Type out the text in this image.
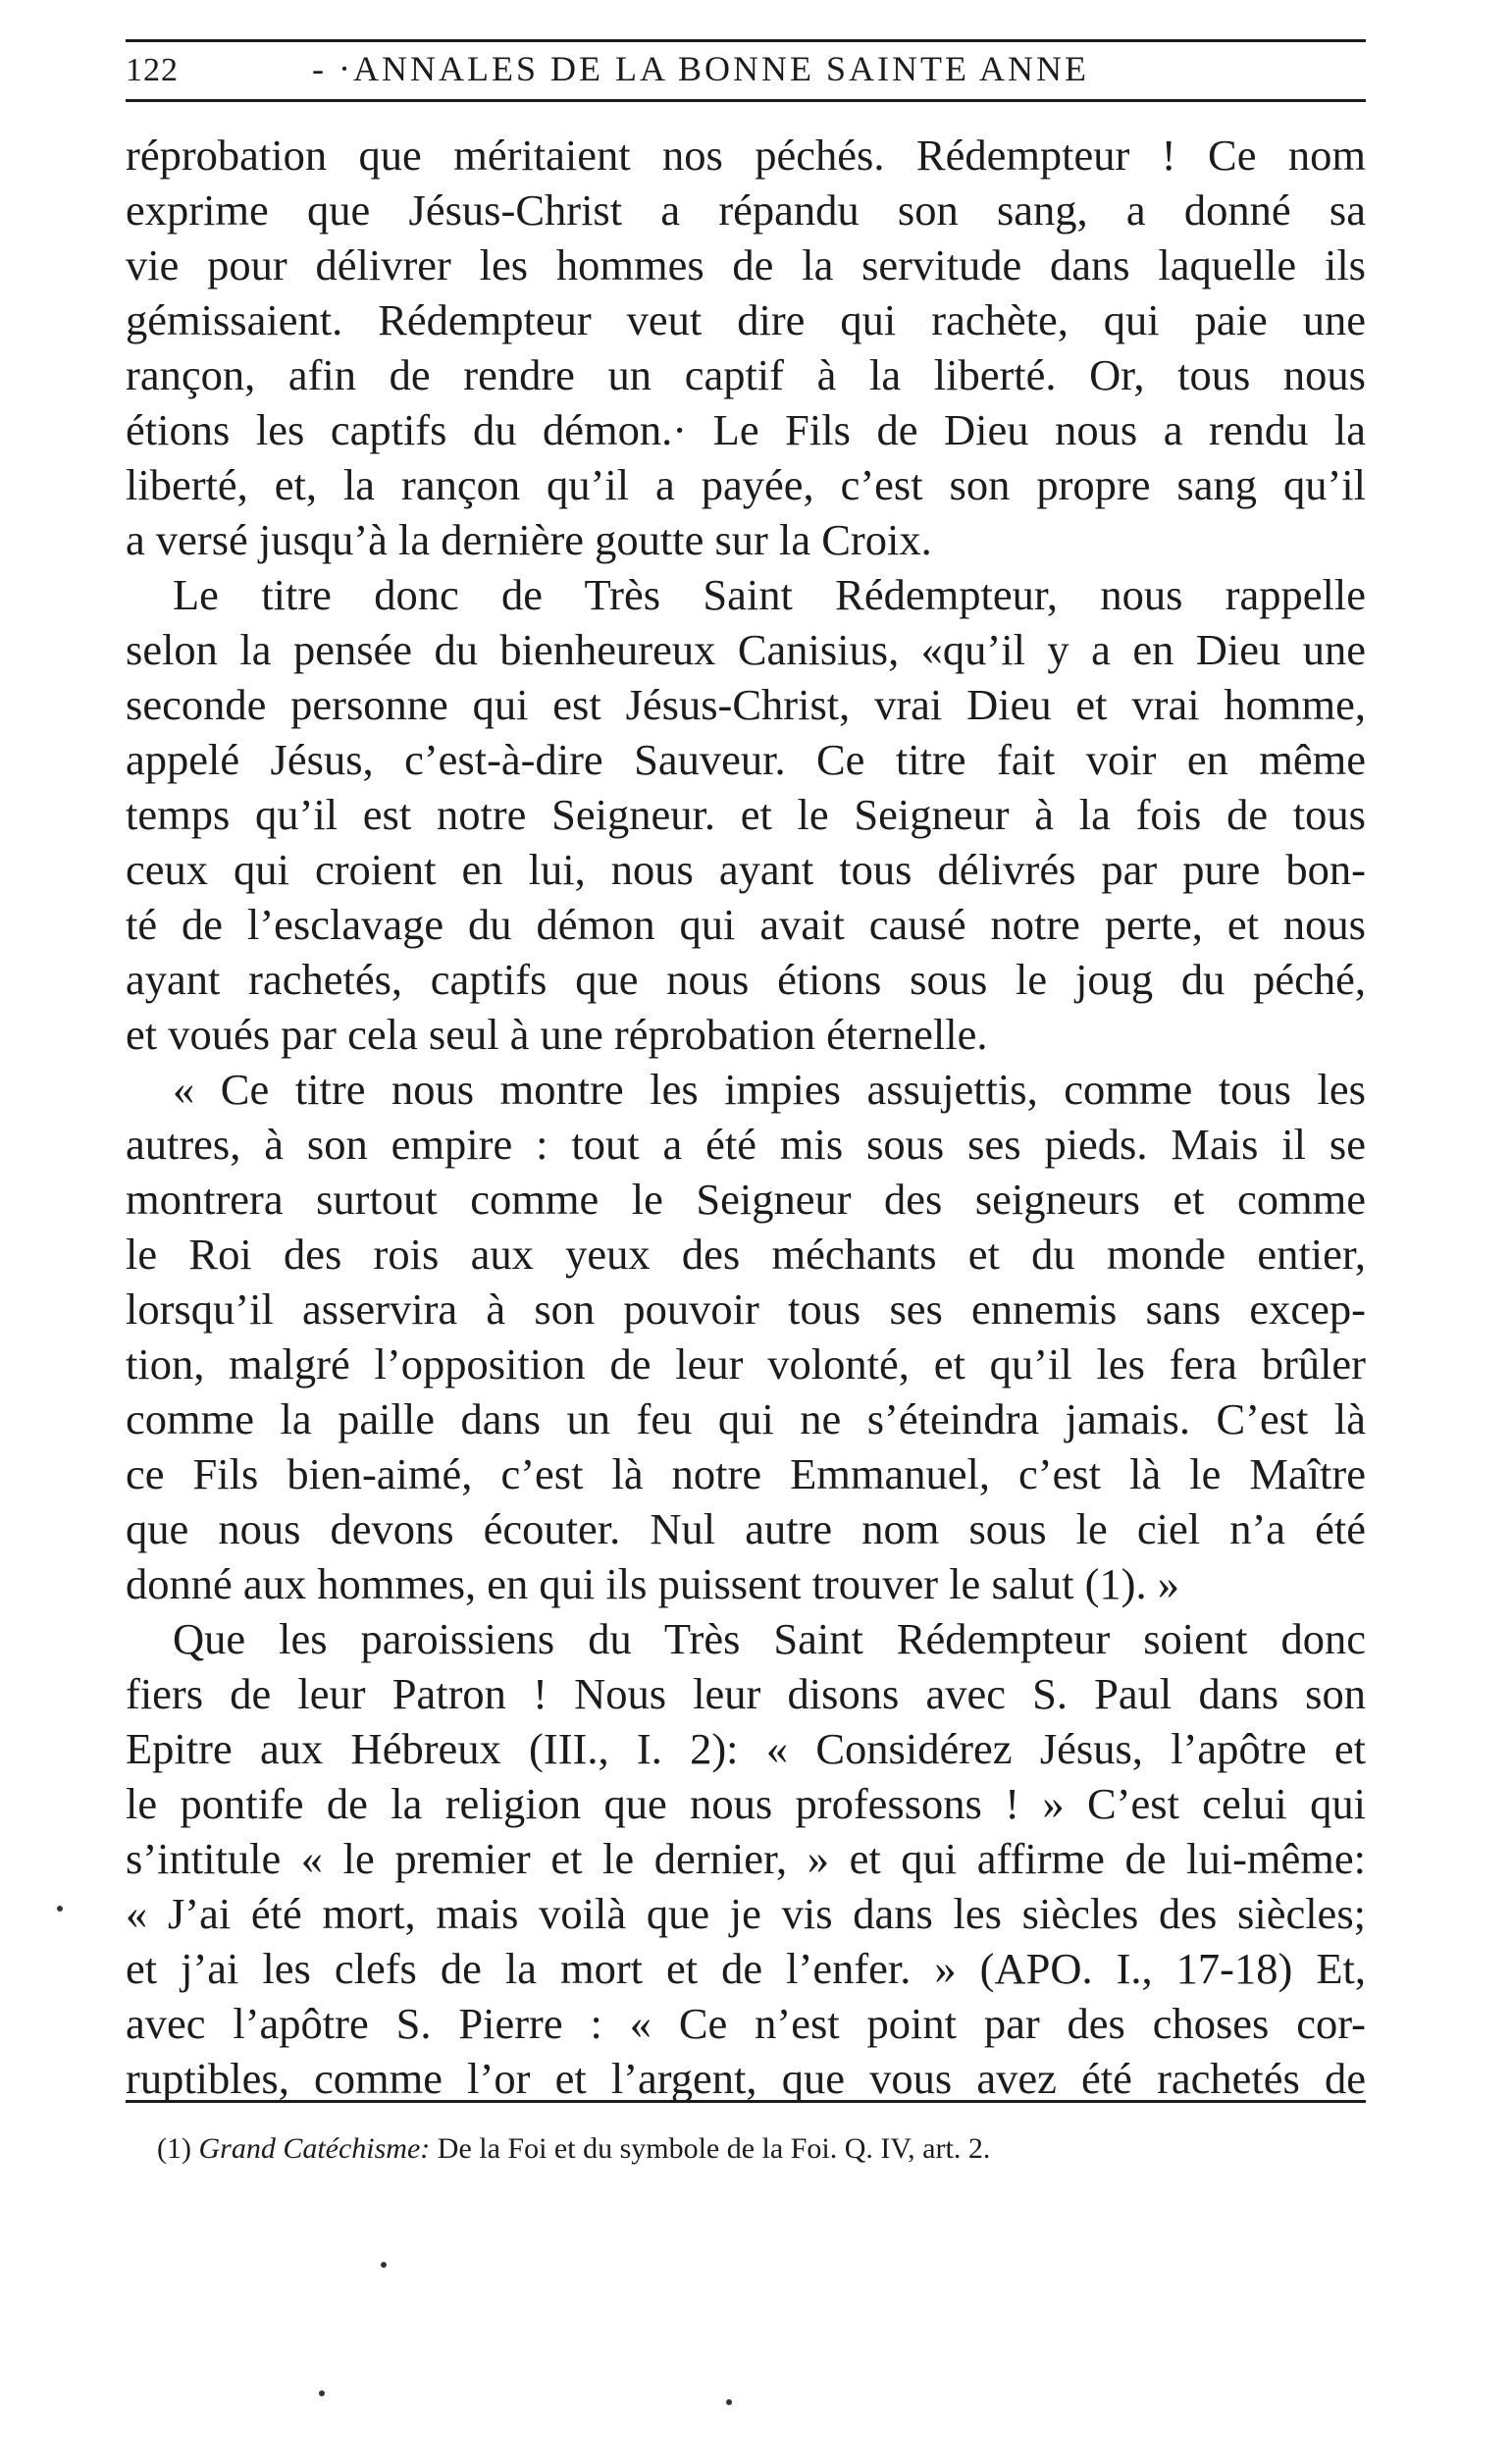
122	- ·ANNALES DE LA BONNE SAINTE ANNE
réprobation que méritaient nos péchés. Rédempteur ! Ce nom
exprime que Jésus-Christ a répandu son sang, a donné sa
vie pour délivrer les hommes de la servitude dans laquelle ils
gémissaient. Rédempteur veut dire qui rachète, qui paie une
rançon, afin de rendre un captif à la liberté. Or, tous nous
étions les captifs du démon.· Le Fils de Dieu nous a rendu la
liberté, et, la rançon qu’il a payée, c’est son propre sang qu’il
a versé jusqu’à la dernière goutte sur la Croix.
Le titre donc de Très Saint Rédempteur, nous rappelle
selon la pensée du bienheureux Canisius, «qu’il y a en Dieu une
seconde personne qui est Jésus-Christ, vrai Dieu et vrai homme,
appelé Jésus, c’est-à-dire Sauveur. Ce titre fait voir en même
temps qu’il est notre Seigneur. et le Seigneur à la fois de tous
ceux qui croient en lui, nous ayant tous délivrés par pure bon-
té de l’esclavage du démon qui avait causé notre perte, et nous
ayant rachetés, captifs que nous étions sous le joug du péché,
et voués par cela seul à une réprobation éternelle.
« Ce titre nous montre les impies assujettis, comme tous les
autres, à son empire : tout a été mis sous ses pieds. Mais il se
montrera surtout comme le Seigneur des seigneurs et comme
le Roi des rois aux yeux des méchants et du monde entier,
lorsqu’il asservira à son pouvoir tous ses ennemis sans excep-
tion, malgré l’opposition de leur volonté, et qu’il les fera brûler
comme la paille dans un feu qui ne s’éteindra jamais. C’est là
ce Fils bien-aimé, c’est là notre Emmanuel, c’est là le Maître
que nous devons écouter. Nul autre nom sous le ciel n’a été
donné aux hommes, en qui ils puissent trouver le salut (1). »
Que les paroissiens du Très Saint Rédempteur soient donc
fiers de leur Patron ! Nous leur disons avec S. Paul dans son
Epitre aux Hébreux (III., I. 2): « Considérez Jésus, l’apôtre et
le pontife de la religion que nous professons ! » C’est celui qui
s’intitule « le premier et le dernier, » et qui affirme de lui-même:
« J’ai été mort, mais voilà que je vis dans les siècles des siècles;
et j’ai les clefs de la mort et de l’enfer. » (APO. I., 17-18) Et,
avec l’apôtre S. Pierre : « Ce n’est point par des choses cor-
ruptibles, comme l’or et l’argent, que vous avez été rachetés de
(1) Grand Catéchisme: De la Foi et du symbole de la Foi. Q. IV, art. 2.
